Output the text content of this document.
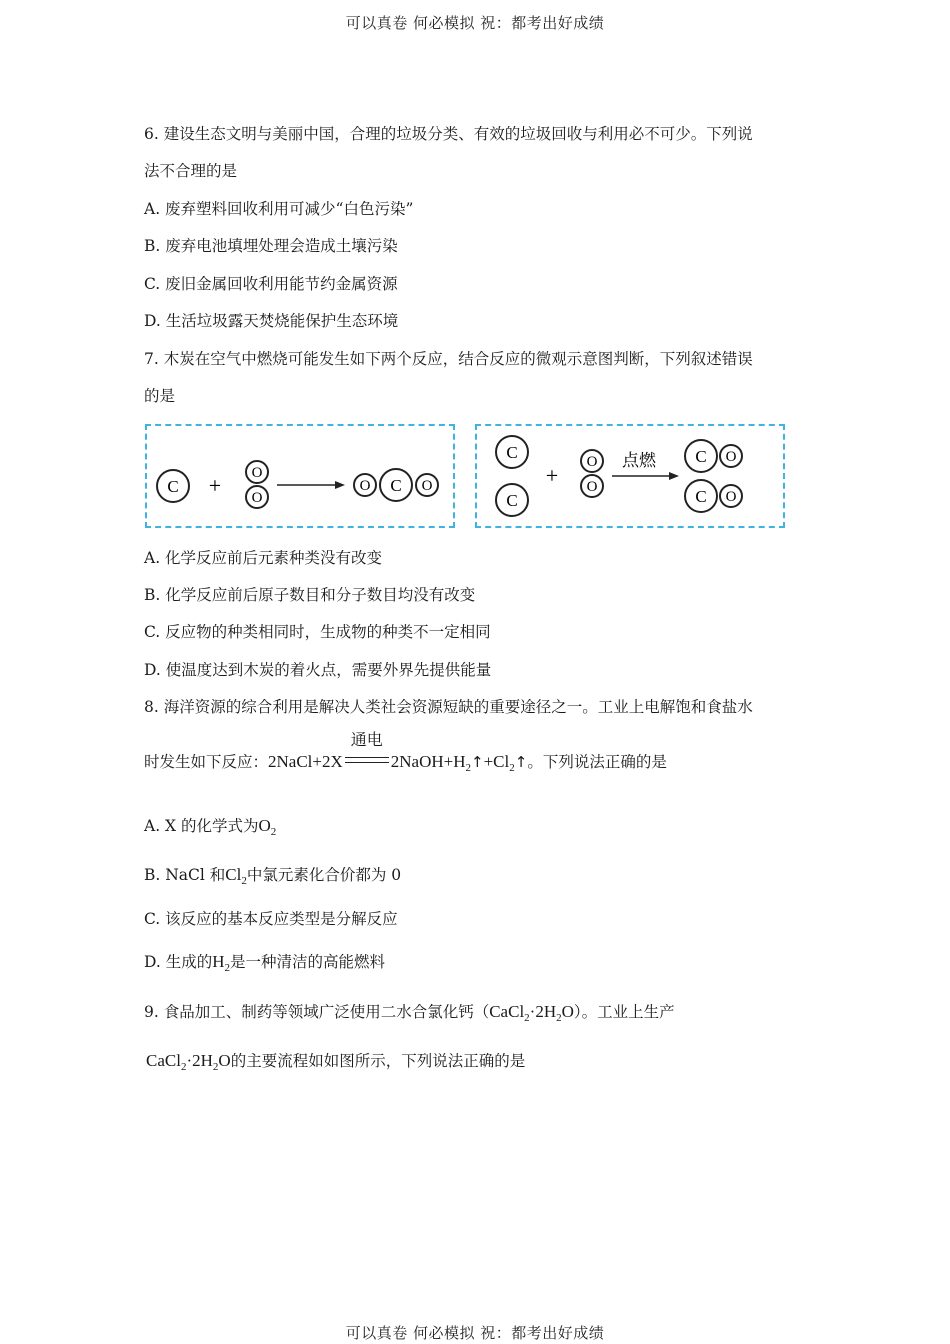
可以真卷 何必模拟 祝：都考出好成绩
6. 建设生态文明与美丽中国，合理的垃圾分类、有效的垃圾回收与利用必不可少。下列说
法不合理的是
A. 废弃塑料回收利用可减少“白色污染”
B. 废弃电池填埋处理会造成土壤污染
C. 废旧金属回收利用能节约金属资源
D. 生活垃圾露天焚烧能保护生态环境
7. 木炭在空气中燃烧可能发生如下两个反应，结合反应的微观示意图判断，下列叙述错误
的是
C + O
O
O C O
C
C
+
O
O
点燃 C O
C O
A. 化学反应前后元素种类没有改变
B. 化学反应前后原子数目和分子数目均没有改变
C. 反应物的种类相同时，生成物的种类不一定相同
D. 使温度达到木炭的着火点，需要外界先提供能量
8. 海洋资源的综合利用是解决人类社会资源短缺的重要途径之一。工业上电解饱和食盐水
时发生如下反应：2NaCl+2X
通电
$2NaOH+H_2↑+Cl_2↑$。下列说法正确的是
A. X 的化学式为$O_2$
B. NaCl 和$Cl_2$中氯元素化合价都为 0
C. 该反应的基本反应类型是分解反应
D. 生成的$H_2$是一种清洁的高能燃料
9. 食品加工、制药等领域广泛使用二水合氯化钙$(CaCl_2\cdot 2H_2O)$。工业上生产
$CaCl_2\cdot 2H_2O$的主要流程如如图所示，下列说法正确的是
可以真卷 何必模拟 祝：都考出好成绩
